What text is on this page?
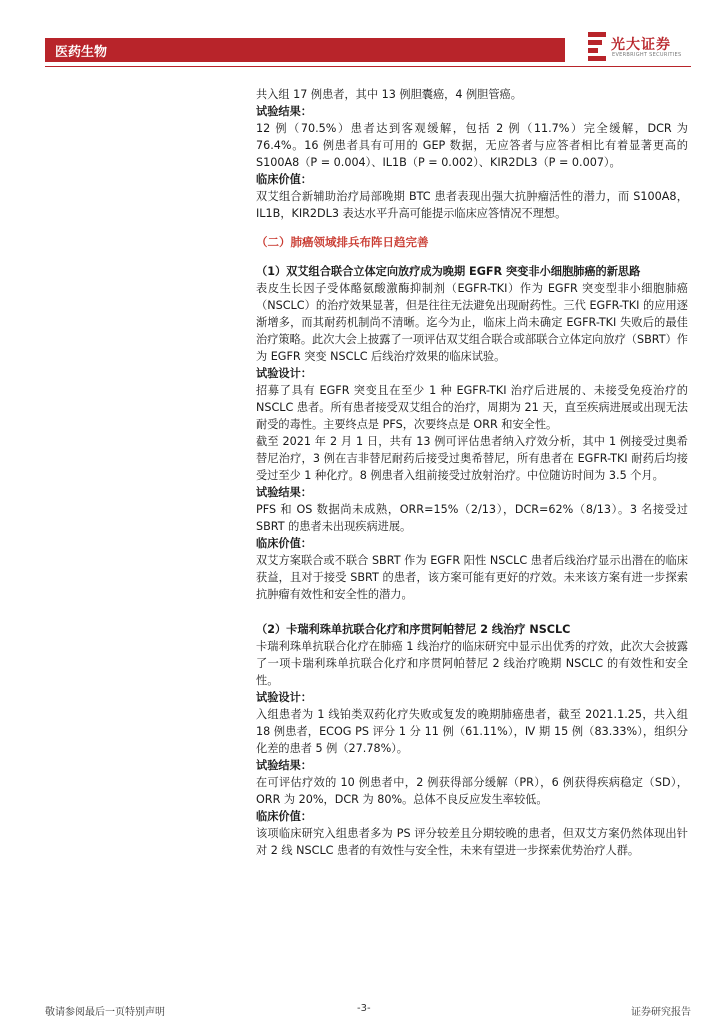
医药生物	光大证券
EVERBRIGHT SECURITIES

共入组 17 例患者，其中 13 例胆囊癌，4 例胆管癌。

试验结果：

12 例（70.5%）患者达到客观缓解，包括 2 例（11.7%）完全缓解，DCR 为 76.4%。16 例患者具有可用的 GEP 数据，无应答者与应答者相比有着显著更高的 S100A8（P = 0.004）、IL1B（P = 0.002）、KIR2DL3（P = 0.007）。

临床价值：

双艾组合新辅助治疗局部晚期 BTC 患者表现出强大抗肿瘤活性的潜力，而 S100A8，IL1B，KIR2DL3 表达水平升高可能提示临床应答情况不理想。

（二）肺癌领域排兵布阵日趋完善

（1）双艾组合联合立体定向放疗成为晚期 EGFR 突变非小细胞肺癌的新思路

表皮生长因子受体酪氨酸激酶抑制剂（EGFR-TKI）作为 EGFR 突变型非小细胞肺癌（NSCLC）的治疗效果显著，但是往往无法避免出现耐药性。三代 EGFR-TKI 的应用逐渐增多，而其耐药机制尚不清晰。迄今为止，临床上尚未确定 EGFR-TKI 失败后的最佳治疗策略。此次大会上披露了一项评估双艾组合联合或部联合立体定向放疗（SBRT）作为 EGFR 突变 NSCLC 后线治疗效果的临床试验。

试验设计：

招募了具有 EGFR 突变且在至少 1 种 EGFR-TKI 治疗后进展的、未接受免疫治疗的 NSCLC 患者。所有患者接受双艾组合的治疗，周期为 21 天，直至疾病进展或出现无法耐受的毒性。主要终点是 PFS，次要终点是 ORR 和安全性。

截至 2021 年 2 月 1 日，共有 13 例可评估患者纳入疗效分析，其中 1 例接受过奥希替尼治疗，3 例在吉非替尼耐药后接受过奥希替尼，所有患者在 EGFR-TKI 耐药后均接受过至少 1 种化疗。8 例患者入组前接受过放射治疗。中位随访时间为 3.5 个月。

试验结果：

PFS 和 OS 数据尚未成熟，ORR=15%（2/13），DCR=62%（8/13）。3 名接受过 SBRT 的患者未出现疾病进展。

临床价值：

双艾方案联合或不联合 SBRT 作为 EGFR 阳性 NSCLC 患者后线治疗显示出潜在的临床获益，且对于接受 SBRT 的患者，该方案可能有更好的疗效。未来该方案有进一步探索抗肿瘤有效性和安全性的潜力。

（2）卡瑞利珠单抗联合化疗和序贯阿帕替尼 2 线治疗 NSCLC

卡瑞利珠单抗联合化疗在肺癌 1 线治疗的临床研究中显示出优秀的疗效，此次大会披露了一项卡瑞利珠单抗联合化疗和序贯阿帕替尼 2 线治疗晚期 NSCLC 的有效性和安全性。

试验设计：

入组患者为 1 线铂类双药化疗失败或复发的晚期肺癌患者，截至 2021.1.25，共入组 18 例患者，ECOG PS 评分 1 分 11 例（61.11%），Ⅳ 期 15 例（83.33%），组织分化差的患者 5 例（27.78%）。

试验结果：

在可评估疗效的 10 例患者中，2 例获得部分缓解（PR），6 例获得疾病稳定（SD），ORR 为 20%，DCR 为 80%。总体不良反应发生率较低。

临床价值：

该项临床研究入组患者多为 PS 评分较差且分期较晚的患者，但双艾方案仍然体现出针对 2 线 NSCLC 患者的有效性与安全性，未来有望进一步探索优势治疗人群。

敬请参阅最后一页特别声明	-3-	证券研究报告
